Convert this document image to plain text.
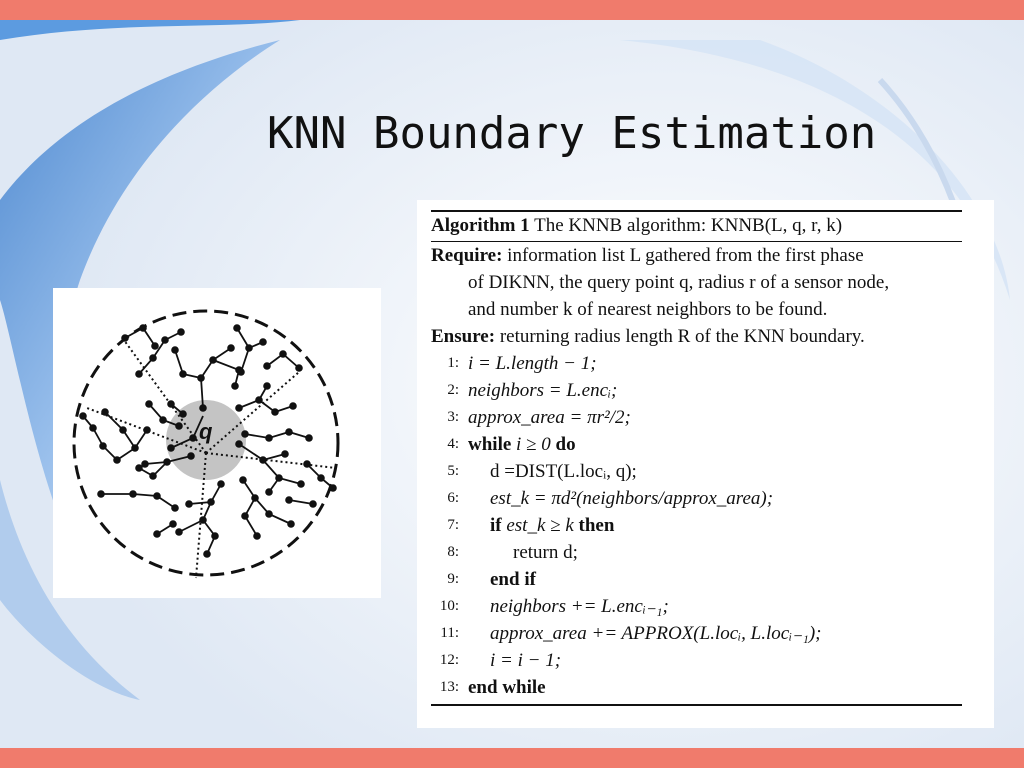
KNN Boundary Estimation
q
Algorithm 1 The KNNB algorithm: KNNB(L, q, r, k)
Require: information list L gathered from the first phase
of DIKNN, the query point q, radius r of a sensor node,
and number k of nearest neighbors to be found.
Ensure: returning radius length R of the KNN boundary.
1: i = L.length − 1;
2: neighbors = L.encᵢ;
3: approx_area = πr²/2;
4: while i ≥ 0 do
5:	d =DIST(L.locᵢ, q);
6:	est_k = πd²(neighbors/approx_area);
7:	if est_k ≥ k then
8:	return d;
9:	end if
10:	neighbors += L.encᵢ₋₁;
11:	approx_area += APPROX(L.locᵢ, L.locᵢ₋₁);
12:	i = i − 1;
13: end while
